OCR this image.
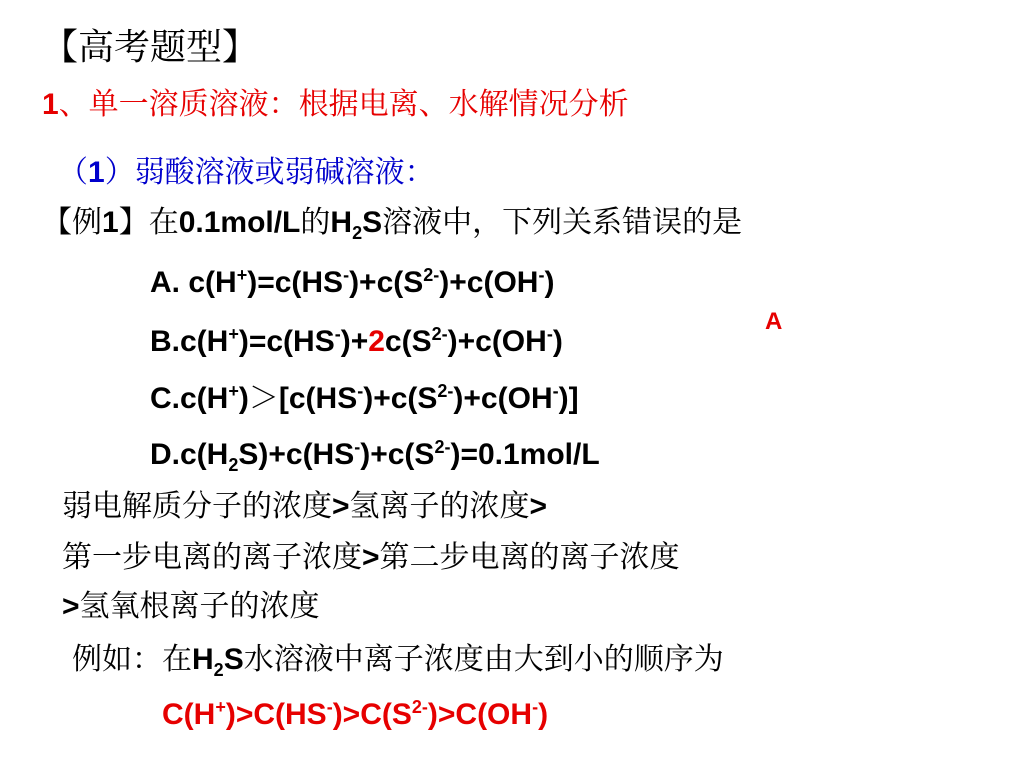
【高考题型】
1、单一溶质溶液：根据电离、水解情况分析
（1）弱酸溶液或弱碱溶液：
【例1】在0.1mol/L的$H_2S$溶液中，下列关系错误的是
A. $c(H^+)=c(HS^-)+c(S^{2-})+c(OH^-)$
$B.c(H^+)=c(HS^-)+2c(S^{2-})+c(OH^-)$
A
$C.c(H^+)>[c(HS^-)+c(S^{2-})+c(OH^-)]$
$D.c(H_2S)+c(HS^-)+c(S^{2-})=0.1mol/L$
弱电解质分子的浓度>氢离子的浓度>
第一步电离的离子浓度>第二步电离的离子浓度
>氢氧根离子的浓度
例如：在$H_2S$水溶液中离子浓度由大到小的顺序为
$C(H^+)>C(HS^-)>C(S^{2-})>C(OH^-)$
